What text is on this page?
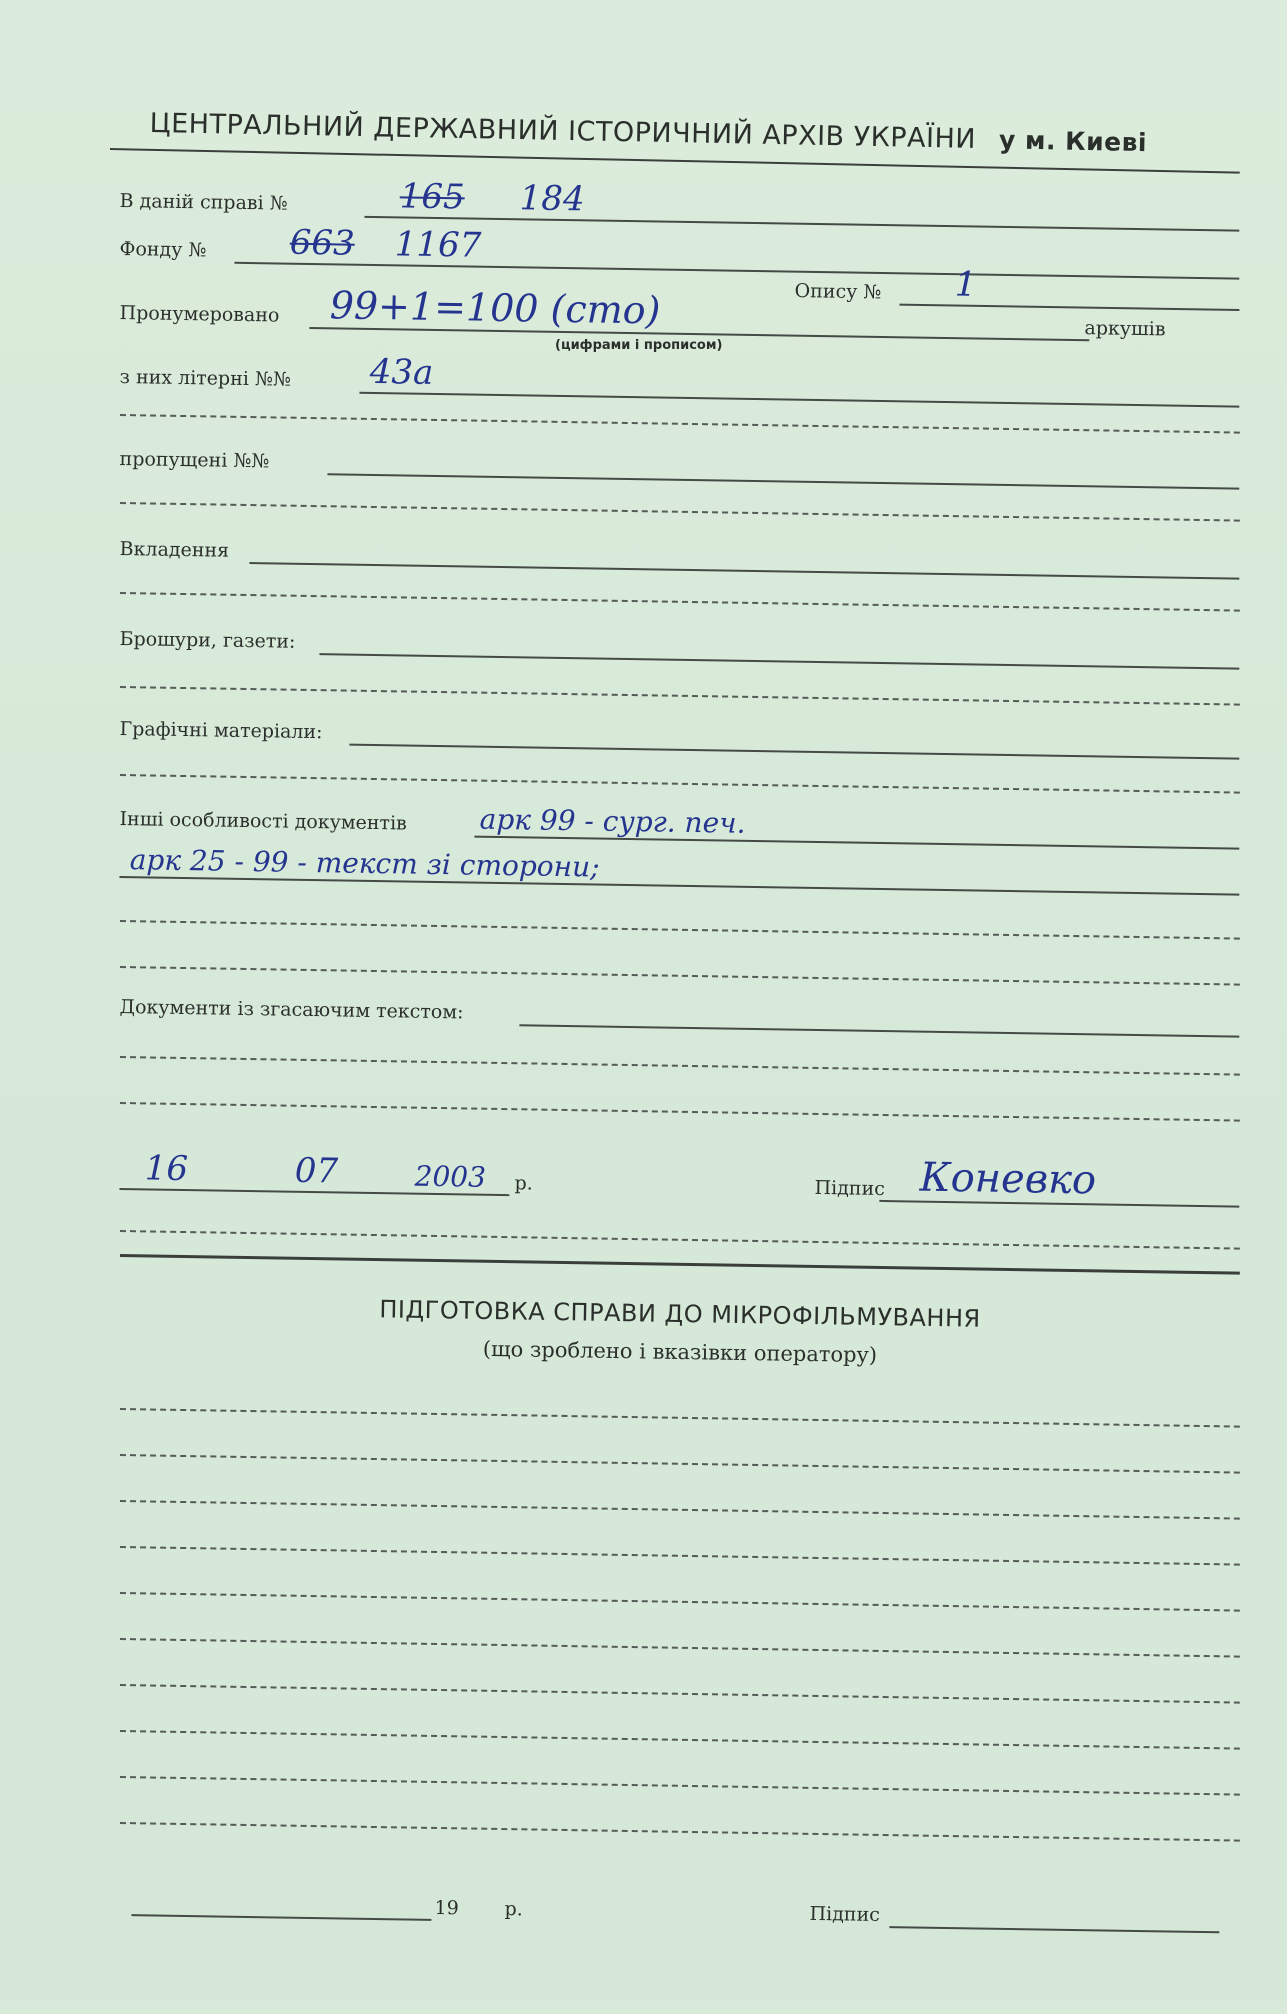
ЦЕНТРАЛЬНИЙ ДЕРЖАВНИЙ ІСТОРИЧНИЙ АРХІВ УКРАЇНИ у м. Киеві
В даній справі №	165 184
Фонду № 663 1167
Опису № 1
Пронумеровано 99+1=100 (сто)	аркушів
(цифрами і прописом)
з них літерні №№ 43а
пропущені №№
Вкладення
Брошури, газети:
Графічні матеріали:
Інші особливості документів	арк 99 - сург. печ.
арк 25 - 99 - текст зі сторони;
Документи із згасаючим текстом:
16	07	2003 р.	Підпис Коневко
ПІДГОТОВКА СПРАВИ ДО МІКРОФІЛЬМУВАННЯ
(що зроблено і вказівки оператору)
19 р.	Підпис
